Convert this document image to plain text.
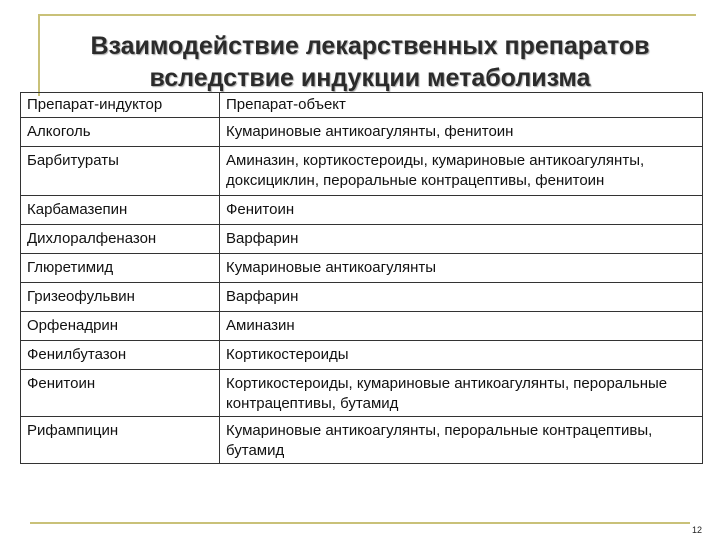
Взаимодействие лекарственных препаратов
вследствие индукции метаболизма
Препарат-индуктор	Препарат-объект
Алкоголь	Кумариновые антикоагулянты, фенитоин
Барбитураты	Аминазин, кортикостероиды, кумариновые антикоагулянты, доксициклин, пероральные контрацептивы, фенитоин
Карбамазепин	Фенитоин
Дихлоралфеназон	Варфарин
Глюретимид	Кумариновые антикоагулянты
Гризеофульвин	Варфарин
Орфенадрин	Аминазин
Фенилбутазон	Кортикостероиды
Фенитоин	Кортикостероиды, кумариновые антикоагулянты, пероральные контрацептивы, бутамид
Рифампицин	Кумариновые антикоагулянты, пероральные контрацептивы, бутамид
12
